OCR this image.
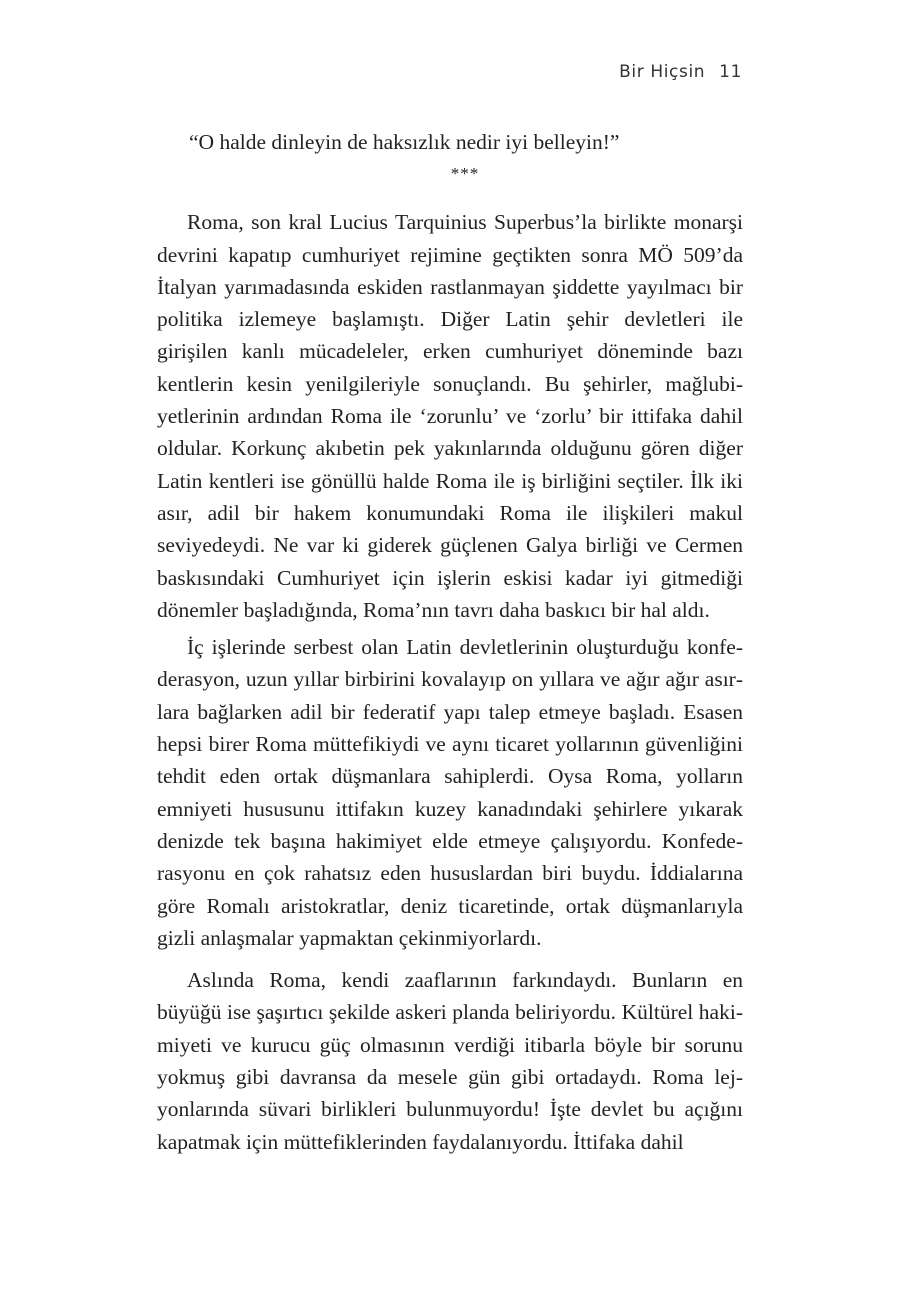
Bir Hiçsin 11

“O halde dinleyin de haksızlık nedir iyi belleyin!”

***

Roma, son kral Lucius Tarquinius Superbus’la birlikte monarşi devrini kapatıp cumhuriyet rejimine geçtikten sonra MÖ 509’da İtalyan yarımadasında eskiden rastlanmayan şiddette yayılmacı bir politika izlemeye başlamıştı. Diğer Latin şehir devletleri ile girişilen kanlı mücadeleler, erken cumhuriyet döneminde bazı kentlerin kesin yenilgileriyle sonuçlandı. Bu şehirler, mağlubiyetlerinin ardından Roma ile ‘zorunlu’ ve ‘zorlu’ bir ittifaka dahil oldular. Korkunç akıbetin pek yakınlarında olduğunu gören diğer Latin kentleri ise gönüllü halde Roma ile iş birliğini seçtiler. İlk iki asır, adil bir hakem konumundaki Roma ile ilişkileri makul seviyedeydi. Ne var ki giderek güçlenen Galya birliği ve Cermen baskısındaki Cumhuriyet için işlerin eskisi kadar iyi gitmediği dönemler başladığında, Roma’nın tavrı daha baskıcı bir hal aldı.

İç işlerinde serbest olan Latin devletlerinin oluşturduğu konfederasyon, uzun yıllar birbirini kovalayıp on yıllara ve ağır ağır asırlara bağlarken adil bir federatif yapı talep etmeye başladı. Esasen hepsi birer Roma müttefikiydi ve aynı ticaret yollarının güvenliğini tehdit eden ortak düşmanlara sahiplerdi. Oysa Roma, yolların emniyeti hususunu ittifakın kuzey kanadındaki şehirlere yıkarak denizde tek başına hakimiyet elde etmeye çalışıyordu. Konfederasyonu en çok rahatsız eden hususlardan biri buydu. İddialarına göre Romalı aristokratlar, deniz ticaretinde, ortak düşmanlarıyla gizli anlaşmalar yapmaktan çekinmiyorlardı.

Aslında Roma, kendi zaaflarının farkındaydı. Bunların en büyüğü ise şaşırtıcı şekilde askeri planda beliriyordu. Kültürel hakimiyeti ve kurucu güç olmasının verdiği itibarla böyle bir sorunu yokmuş gibi davransa da mesele gün gibi ortadaydı. Roma lejyonlarında süvari birlikleri bulunmuyordu! İşte devlet bu açığını kapatmak için müttefiklerinden faydalanıyordu. İttifaka dahil
